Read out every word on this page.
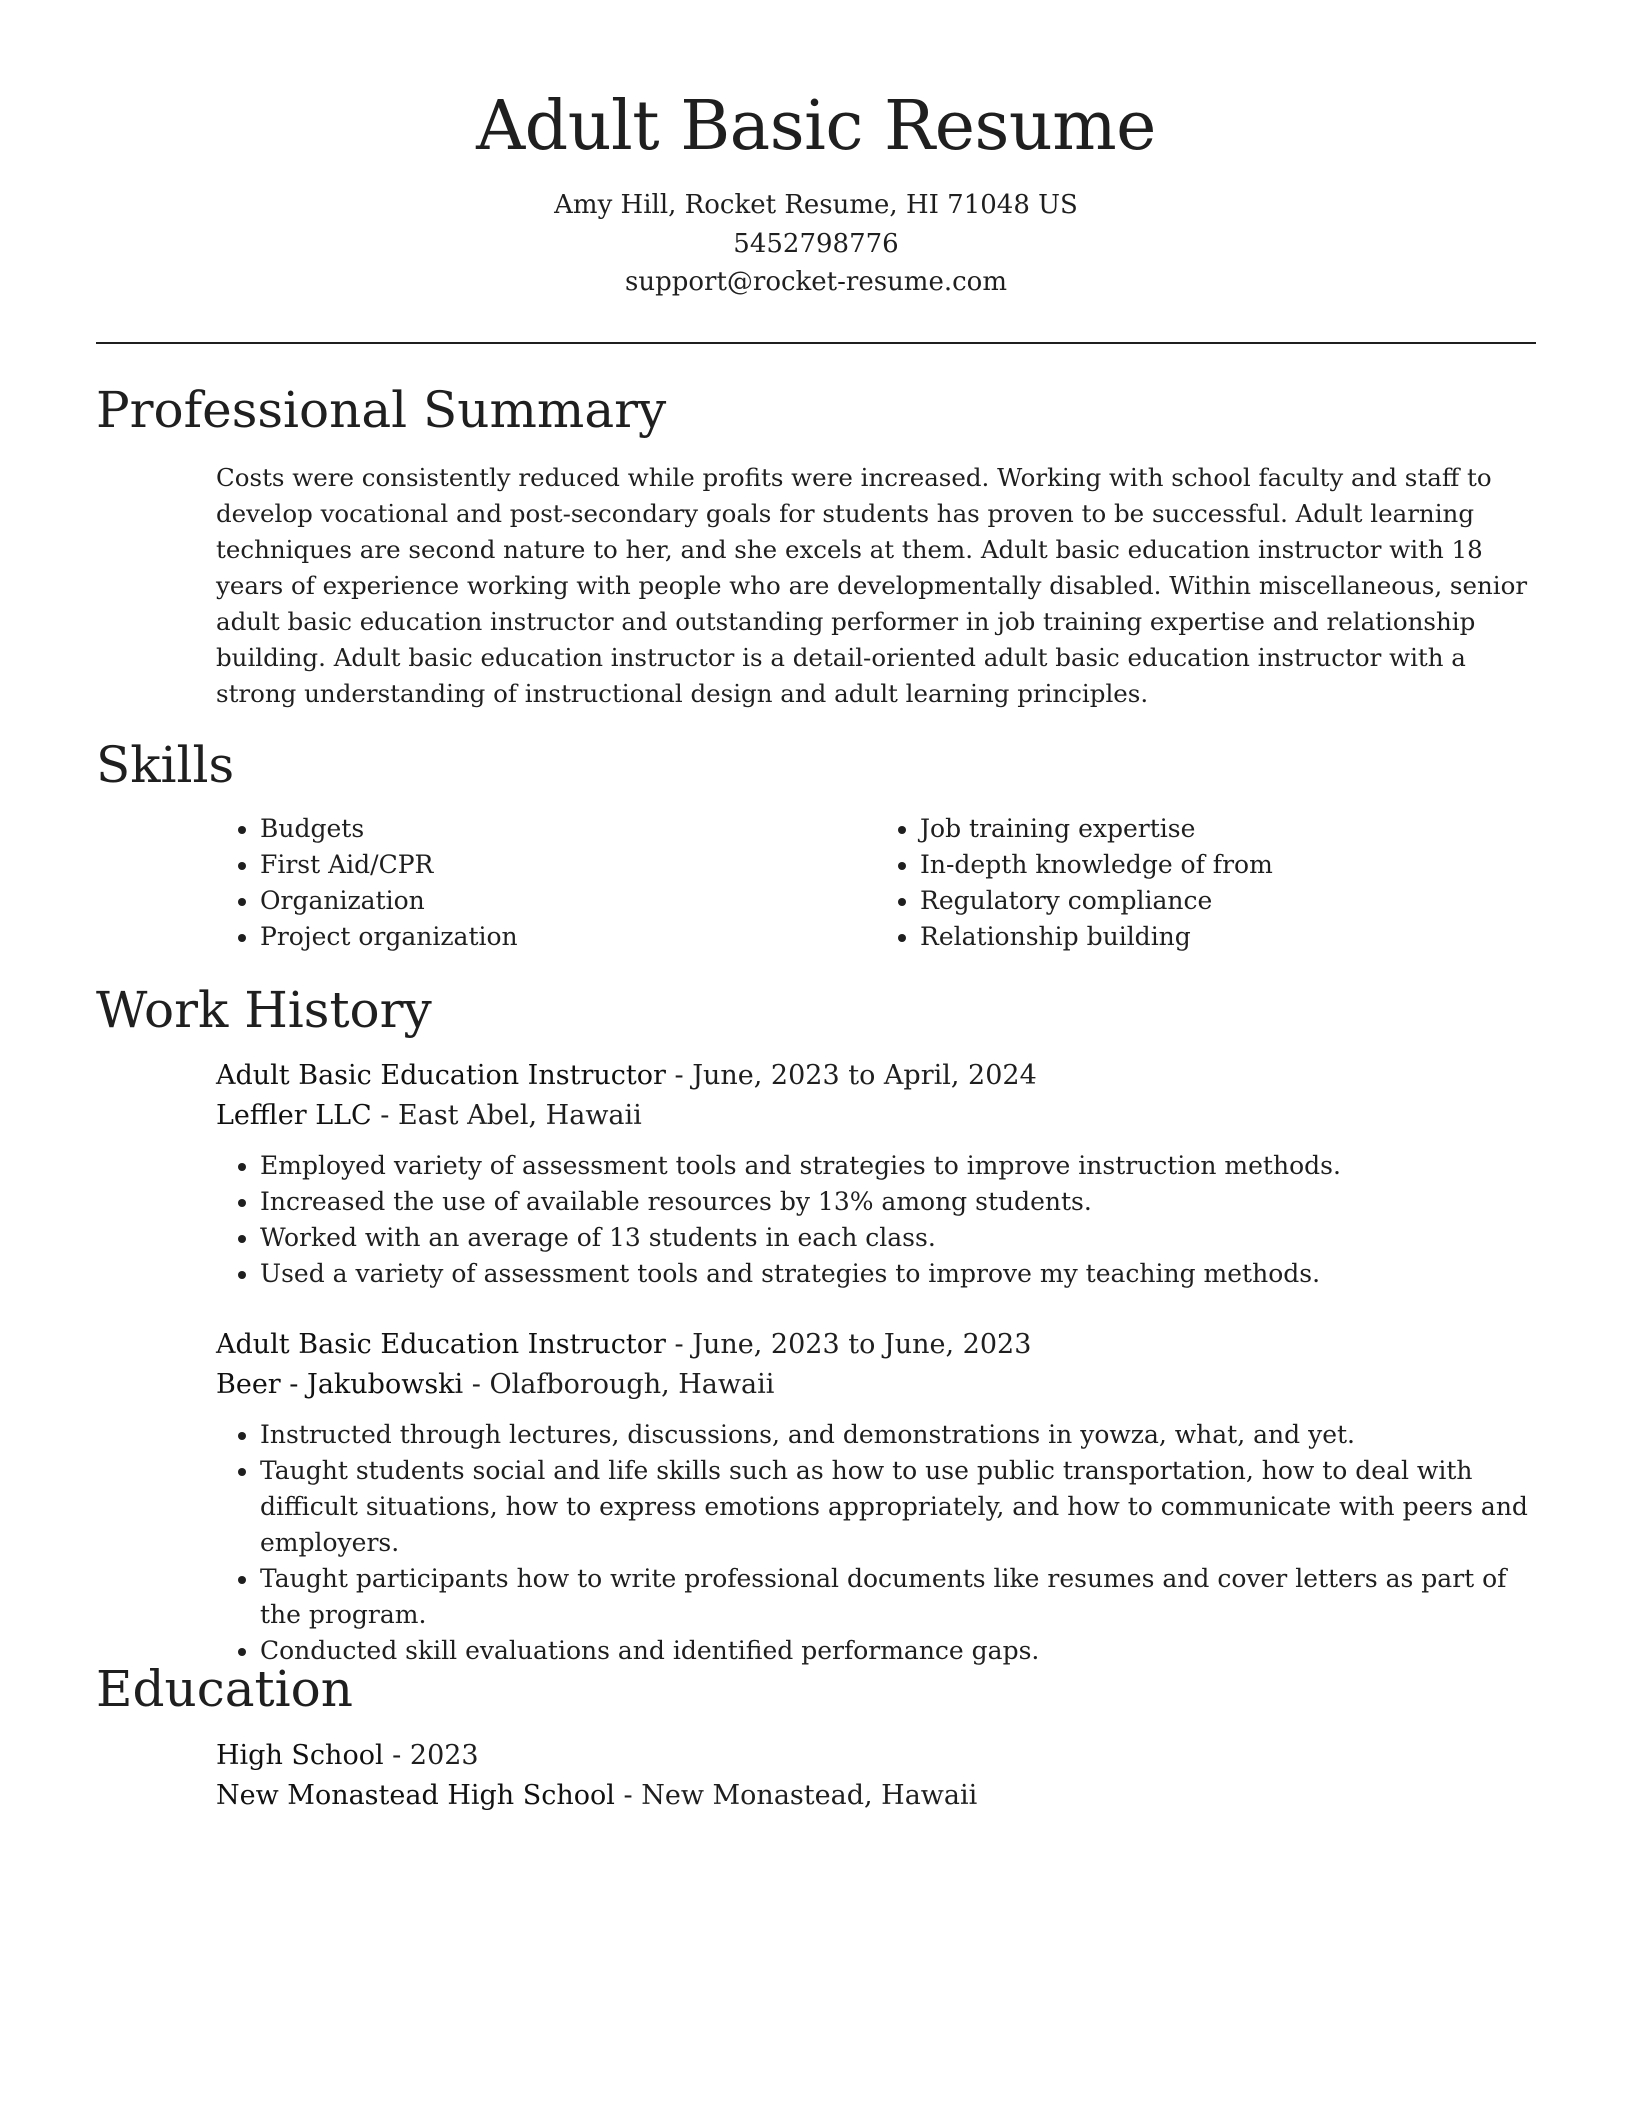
Adult Basic Resume
Amy Hill, Rocket Resume, HI 71048 US
5452798776
support@rocket-resume.com
Professional Summary

Costs were consistently reduced while profits were increased. Working with school faculty and staff to develop vocational and post-secondary goals for students has proven to be successful. Adult learning techniques are second nature to her, and she excels at them. Adult basic education instructor with 18 years of experience working with people who are developmentally disabled. Within miscellaneous, senior adult basic education instructor and outstanding performer in job training expertise and relationship building. Adult basic education instructor is a detail-oriented adult basic education instructor with a strong understanding of instructional design and adult learning principles.

Skills
• Budgets
• First Aid/CPR
• Organization
• Project organization
• Job training expertise
• In-depth knowledge of from
• Regulatory compliance
• Relationship building
Work History
Adult Basic Education Instructor - June, 2023 to April, 2024
Leffler LLC - East Abel, Hawaii
• Employed variety of assessment tools and strategies to improve instruction methods.
• Increased the use of available resources by 13% among students.
• Worked with an average of 13 students in each class.
• Used a variety of assessment tools and strategies to improve my teaching methods.
Adult Basic Education Instructor - June, 2023 to June, 2023
Beer - Jakubowski - Olafborough, Hawaii
• Instructed through lectures, discussions, and demonstrations in yowza, what, and yet.
• Taught students social and life skills such as how to use public transportation, how to deal with difficult situations, how to express emotions appropriately, and how to communicate with peers and employers.
• Taught participants how to write professional documents like resumes and cover letters as part of the program.
• Conducted skill evaluations and identified performance gaps.
Education
High School - 2023
New Monastead High School - New Monastead, Hawaii
